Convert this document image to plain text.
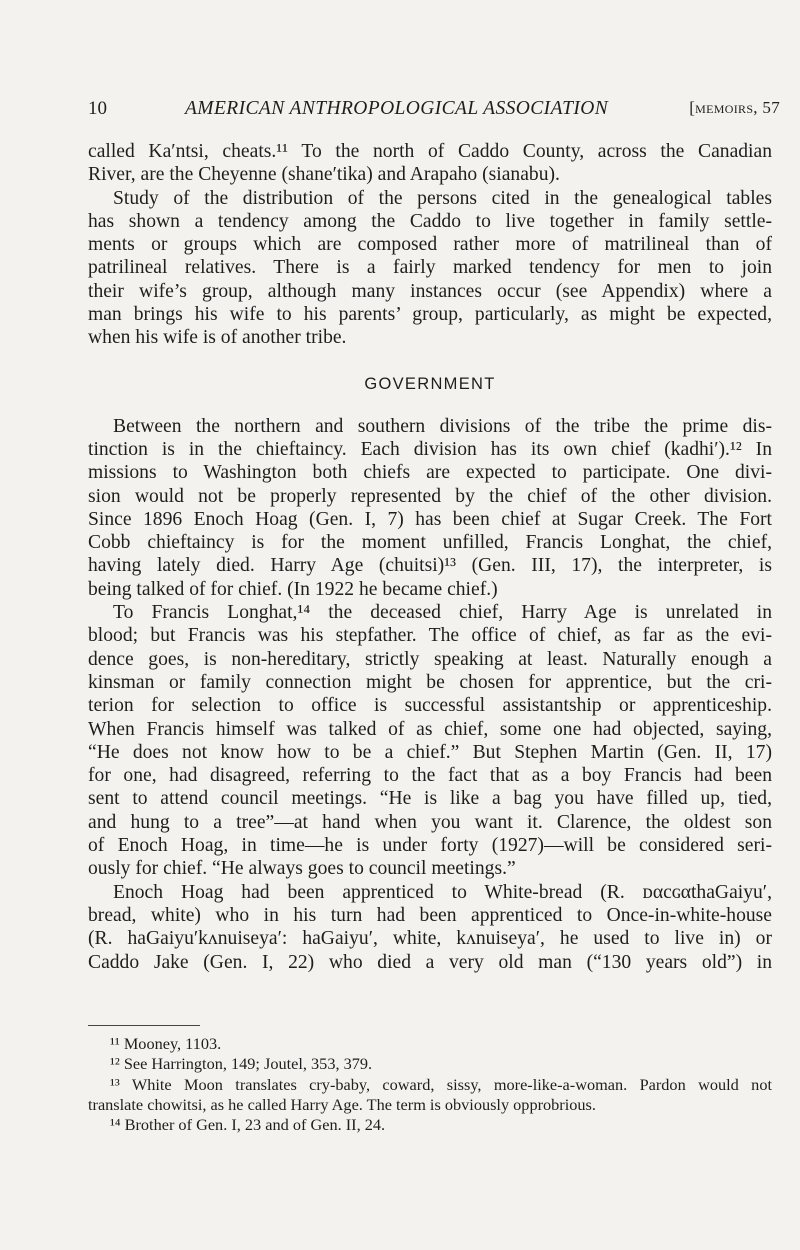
10	AMERICAN ANTHROPOLOGICAL ASSOCIATION	[memoirs, 57
called Ka′ntsi, cheats.¹¹ To the north of Caddo County, across the Canadian
River, are the Cheyenne (shane′tika) and Arapaho (sianabu).
Study of the distribution of the persons cited in the genealogical tables
has shown a tendency among the Caddo to live together in family settle-
ments or groups which are composed rather more of matrilineal than of
patrilineal relatives. There is a fairly marked tendency for men to join
their wife’s group, although many instances occur (see Appendix) where a
man brings his wife to his parents’ group, particularly, as might be expected,
when his wife is of another tribe.
GOVERNMENT
Between the northern and southern divisions of the tribe the prime dis-
tinction is in the chieftaincy. Each division has its own chief (kadhi′).¹² In
missions to Washington both chiefs are expected to participate. One divi-
sion would not be properly represented by the chief of the other division.
Since 1896 Enoch Hoag (Gen. I, 7) has been chief at Sugar Creek. The Fort
Cobb chieftaincy is for the moment unfilled, Francis Longhat, the chief,
having lately died. Harry Age (chuitsi)¹³ (Gen. III, 17), the interpreter, is
being talked of for chief. (In 1922 he became chief.)
To Francis Longhat,¹⁴ the deceased chief, Harry Age is unrelated in
blood; but Francis was his stepfather. The office of chief, as far as the evi-
dence goes, is non-hereditary, strictly speaking at least. Naturally enough a
kinsman or family connection might be chosen for apprentice, but the cri-
terion for selection to office is successful assistantship or apprenticeship.
When Francis himself was talked of as chief, some one had objected, saying,
“He does not know how to be a chief.” But Stephen Martin (Gen. II, 17)
for one, had disagreed, referring to the fact that as a boy Francis had been
sent to attend council meetings. “He is like a bag you have filled up, tied,
and hung to a tree”—at hand when you want it. Clarence, the oldest son
of Enoch Hoag, in time—he is under forty (1927)—will be considered seri-
ously for chief. “He always goes to council meetings.”
Enoch Hoag had been apprenticed to White-bread (R. ᴅαcɢαthaGaiyu′,
bread, white) who in his turn had been apprenticed to Once-in-white-house
(R. haGaiyu′kʌnuiseya′: haGaiyu′, white, kʌnuiseya′, he used to live in) or
Caddo Jake (Gen. I, 22) who died a very old man (“130 years old”) in
¹¹ Mooney, 1103.
¹² See Harrington, 149; Joutel, 353, 379.
¹³ White Moon translates cry-baby, coward, sissy, more-like-a-woman. Pardon would not
translate chowitsi, as he called Harry Age. The term is obviously opprobrious.
¹⁴ Brother of Gen. I, 23 and of Gen. II, 24.
